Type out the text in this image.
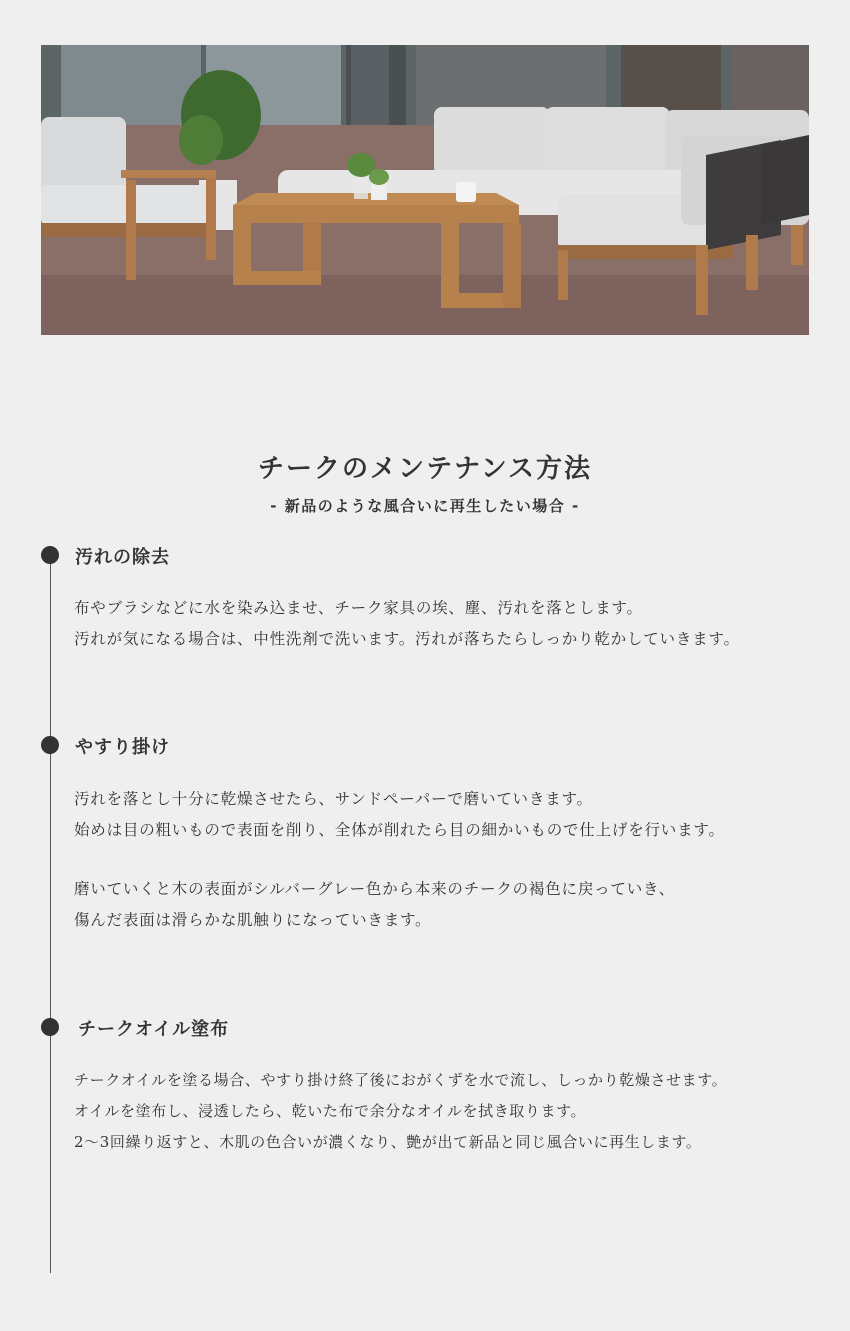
チークのメンテナンス方法
- 新品のような風合いに再生したい場合 -
汚れの除去
布やブラシなどに水を染み込ませ、チーク家具の埃、塵、汚れを落とします。
汚れが気になる場合は、中性洗剤で洗います。汚れが落ちたらしっかり乾かしていきます。
やすり掛け
汚れを落とし十分に乾燥させたら、サンドペーパーで磨いていきます。
始めは目の粗いもので表面を削り、全体が削れたら目の細かいもので仕上げを行います。
磨いていくと木の表面がシルバーグレー色から本来のチークの褐色に戻っていき、
傷んだ表面は滑らかな肌触りになっていきます。
チークオイル塗布
チークオイルを塗る場合、やすり掛け終了後におがくずを水で流し、しっかり乾燥させます。
オイルを塗布し、浸透したら、乾いた布で余分なオイルを拭き取ります。
2～3回繰り返すと、木肌の色合いが濃くなり、艶が出て新品と同じ風合いに再生します。
